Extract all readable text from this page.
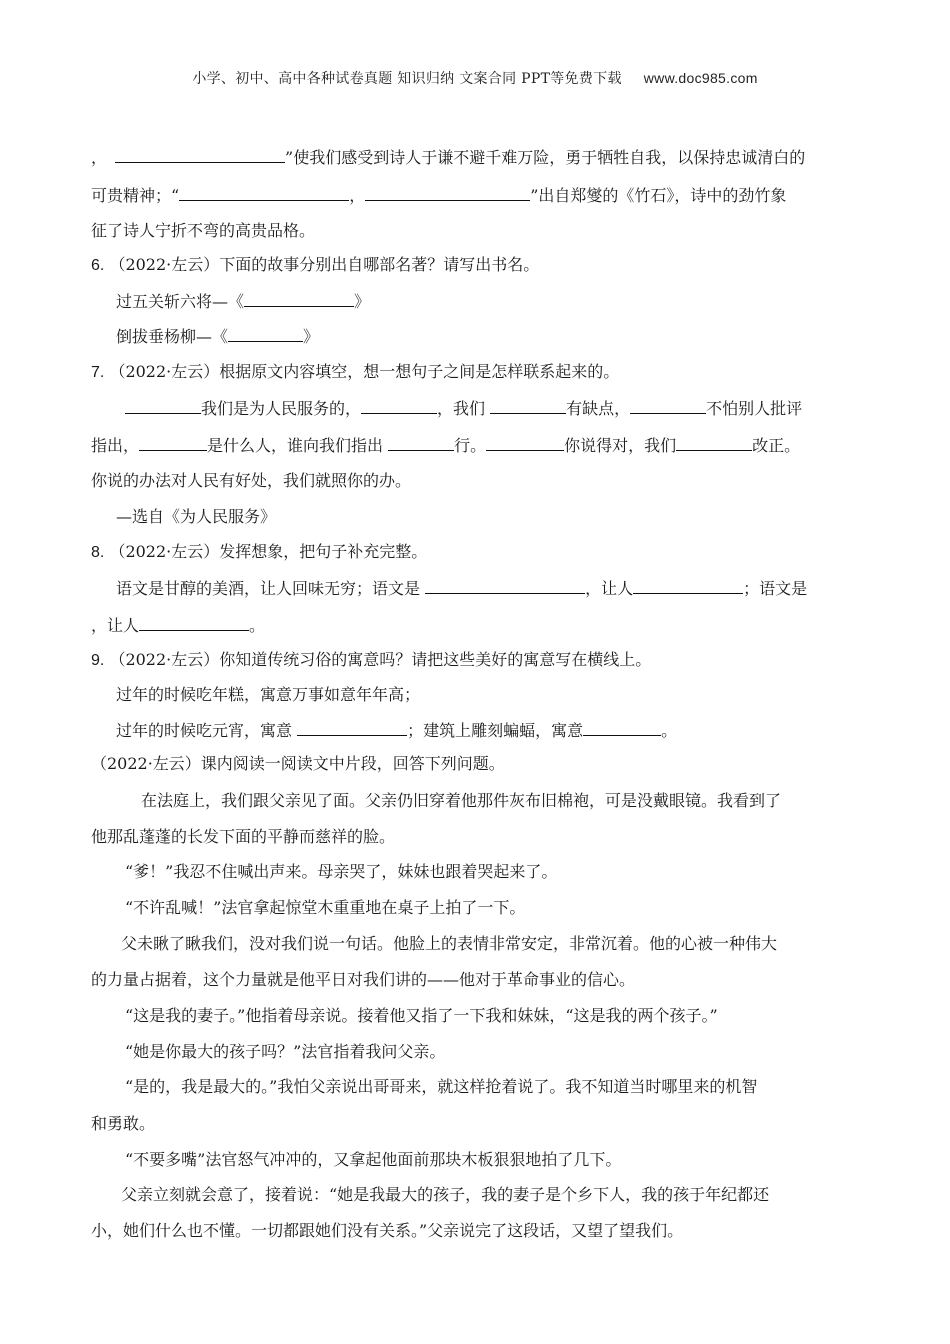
小学、初中、高中各种试卷真题 知识归纳 文案合同 PPT等免费下载 www.doc985.com
，	”使我们感受到诗人于谦不避千难万险，勇于牺牲自我，以保持忠诚清白的
可贵精神；“	，	”出自郑燮的《竹石》，诗中的劲竹象
征了诗人宁折不弯的高贵品格。
6. （2022·左云）下面的故事分别出自哪部名著？请写出书名。
过五关斩六将—《	》
倒拔垂杨柳—《	》
7. （2022·左云）根据原文内容填空，想一想句子之间是怎样联系起来的。
我们是为人民服务的，	，我们	有缺点，	不怕别人批评
指出，	是什么人，谁向我们指出	行。	你说得对，我们	改正。
你说的办法对人民有好处，我们就照你的办。
—选自《为人民服务》
8. （2022·左云）发挥想象，把句子补充完整。
语文是甘醇的美酒，让人回味无穷；语文是	，让人	；语文是
，让人	。
9. （2022·左云）你知道传统习俗的寓意吗？请把这些美好的寓意写在横线上。
过年的时候吃年糕，寓意万事如意年年高；
过年的时候吃元宵，寓意	；建筑上雕刻蝙蝠，寓意	。
（2022·左云）课内阅读一阅读文中片段，回答下列问题。
在法庭上，我们跟父亲见了面。父亲仍旧穿着他那件灰布旧棉袍，可是没戴眼镜。我看到了
他那乱蓬蓬的长发下面的平静而慈祥的脸。
“爹！”我忍不住喊出声来。母亲哭了，妹妹也跟着哭起来了。
“不许乱喊！”法官拿起惊堂木重重地在桌子上拍了一下。
父未瞅了瞅我们，没对我们说一句话。他脸上的表情非常安定，非常沉着。他的心被一种伟大
的力量占据着，这个力量就是他平日对我们讲的——他对于革命事业的信心。
“这是我的妻子。”他指着母亲说。接着他又指了一下我和妹妹，“这是我的两个孩子。”
“她是你最大的孩子吗？”法官指着我问父亲。
“是的，我是最大的。”我怕父亲说出哥哥来，就这样抢着说了。我不知道当时哪里来的机智
和勇敢。
“不要多嘴”法官怒气冲冲的，又拿起他面前那块木板狠狠地拍了几下。
父亲立刻就会意了，接着说：“她是我最大的孩子，我的妻子是个乡下人，我的孩于年纪都还
小，她们什么也不懂。一切都跟她们没有关系。”父亲说完了这段话，又望了望我们。
